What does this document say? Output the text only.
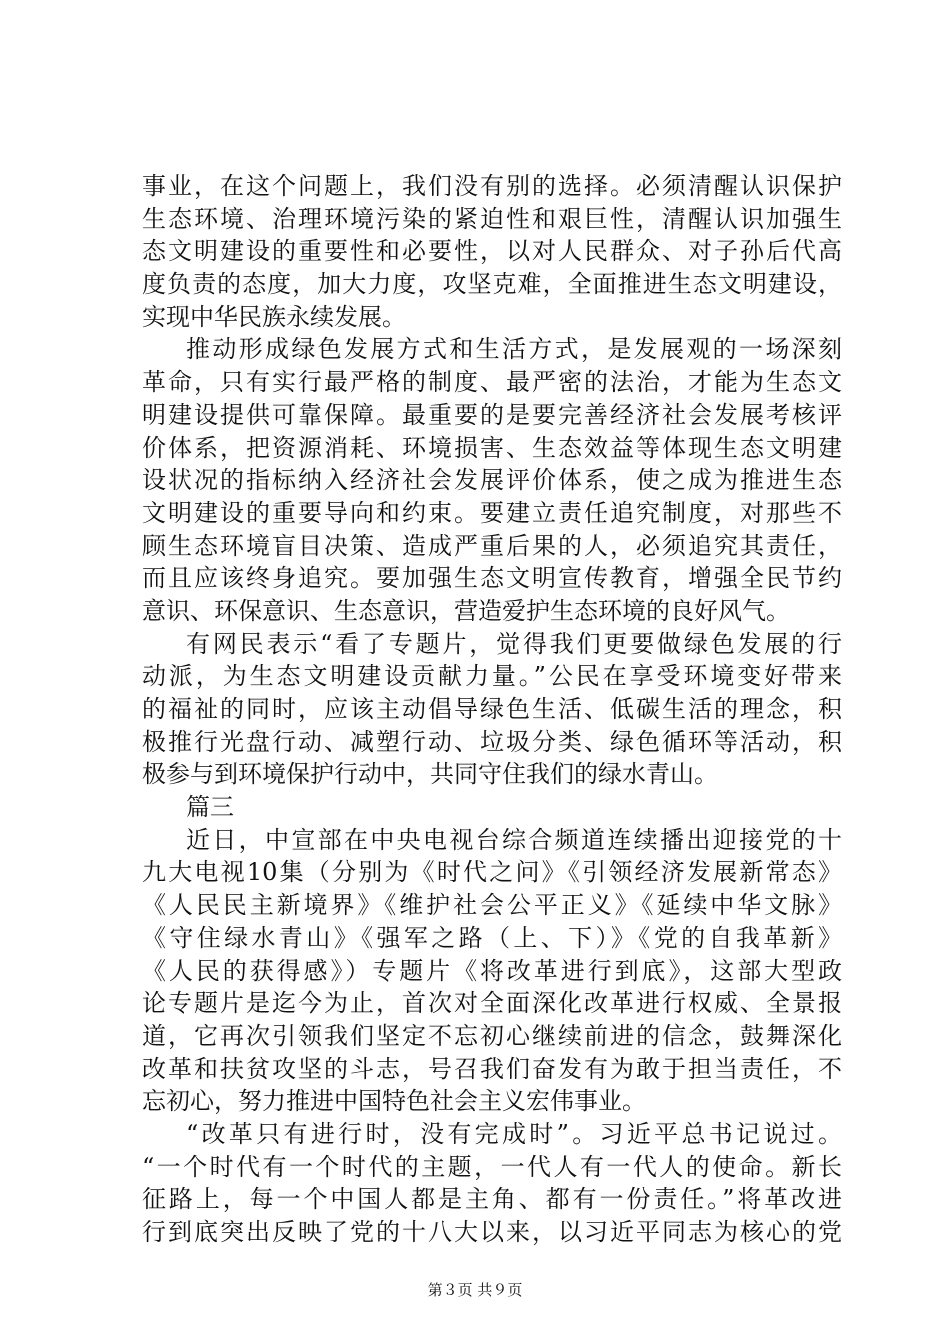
事业，在这个问题上，我们没有别的选择。必须清醒认识保护
生态环境、治理环境污染的紧迫性和艰巨性，清醒认识加强生
态文明建设的重要性和必要性，以对人民群众、对子孙后代高
度负责的态度，加大力度，攻坚克难，全面推进生态文明建设，
实现中华民族永续发展。
推动形成绿色发展方式和生活方式，是发展观的一场深刻
革命，只有实行最严格的制度、最严密的法治，才能为生态文
明建设提供可靠保障。最重要的是要完善经济社会发展考核评
价体系，把资源消耗、环境损害、生态效益等体现生态文明建
设状况的指标纳入经济社会发展评价体系，使之成为推进生态
文明建设的重要导向和约束。要建立责任追究制度，对那些不
顾生态环境盲目决策、造成严重后果的人，必须追究其责任，
而且应该终身追究。要加强生态文明宣传教育，增强全民节约
意识、环保意识、生态意识，营造爱护生态环境的良好风气。
有网民表示“看了专题片，觉得我们更要做绿色发展的行
动派，为生态文明建设贡献力量。”公民在享受环境变好带来
的福祉的同时，应该主动倡导绿色生活、低碳生活的理念，积
极推行光盘行动、减塑行动、垃圾分类、绿色循环等活动，积
极参与到环境保护行动中，共同守住我们的绿水青山。
篇三
近日，中宣部在中央电视台综合频道连续播出迎接党的十
九大电视10集（分别为《时代之问》《引领经济发展新常态》
《人民民主新境界》《维护社会公平正义》《延续中华文脉》
《守住绿水青山》《强军之路（上、下）》《党的自我革新》
《人民的获得感》）专题片《将改革进行到底》，这部大型政
论专题片是迄今为止，首次对全面深化改革进行权威、全景报
道，它再次引领我们坚定不忘初心继续前进的信念，鼓舞深化
改革和扶贫攻坚的斗志，号召我们奋发有为敢于担当责任，不
忘初心，努力推进中国特色社会主义宏伟事业。
“改革只有进行时，没有完成时”。习近平总书记说过。
“一个时代有一个时代的主题，一代人有一代人的使命。新长
征路上，每一个中国人都是主角、都有一份责任。”将革改进
行到底突出反映了党的十八大以来，以习近平同志为核心的党
第３页 共９页
